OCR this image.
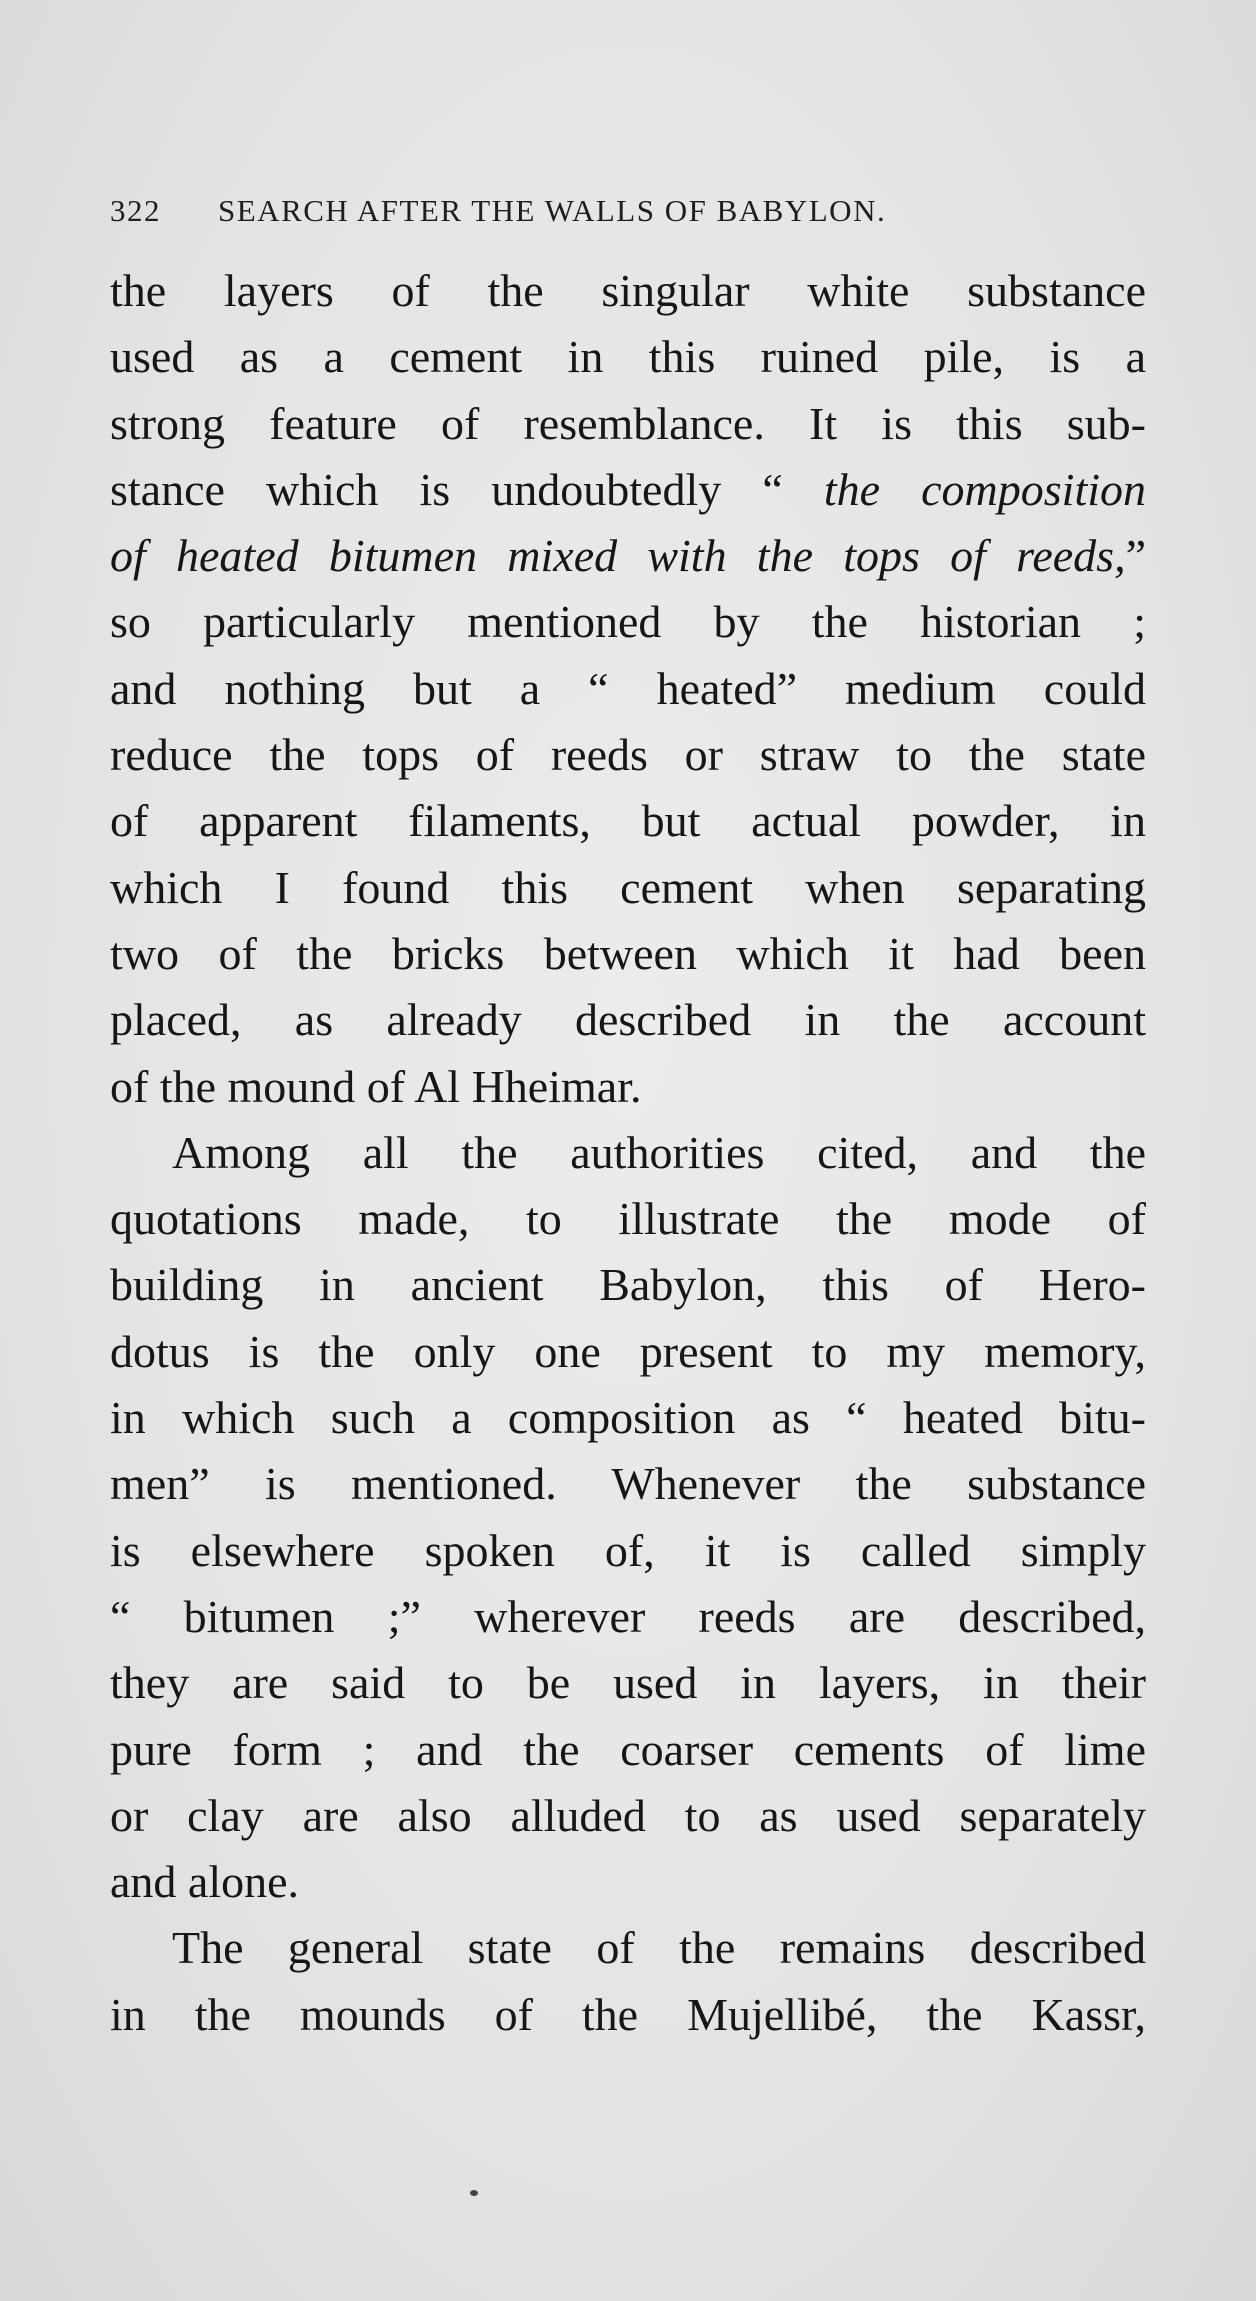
322 SEARCH AFTER THE WALLS OF BABYLON.
the layers of the singular white substance
used as a cement in this ruined pile, is a
strong feature of resemblance. It is this sub-
stance which is undoubtedly “ the composition
of heated bitumen mixed with the tops of reeds,”
so particularly mentioned by the historian ;
and nothing but a “ heated” medium could
reduce the tops of reeds or straw to the state
of apparent filaments, but actual powder, in
which I found this cement when separating
two of the bricks between which it had been
placed, as already described in the account
of the mound of Al Hheimar.
Among all the authorities cited, and the
quotations made, to illustrate the mode of
building in ancient Babylon, this of Hero-
dotus is the only one present to my memory,
in which such a composition as “ heated bitu-
men” is mentioned. Whenever the substance
is elsewhere spoken of, it is called simply
“ bitumen ;” wherever reeds are described,
they are said to be used in layers, in their
pure form ; and the coarser cements of lime
or clay are also alluded to as used separately
and alone.
The general state of the remains described
in the mounds of the Mujellibé, the Kassr,
